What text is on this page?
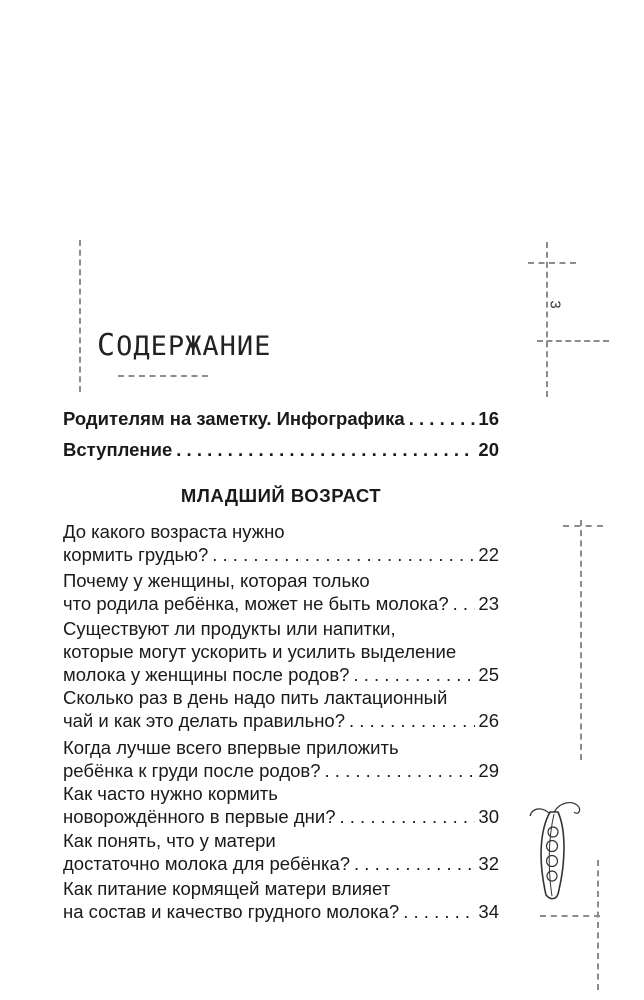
3
СОДЕРЖАНИЕ
Родителям на заметку. Инфографика . . .	16
Вступление . . .	20
МЛАДШИЙ ВОЗРАСТ
До какого возраста нужно
кормить грудью? . . .	22
Почему у женщины, которая только
что родила ребёнка, может не быть молока? . . . 23
Существуют ли продукты или напитки,
которые могут ускорить и усилить выделение
молока у женщины после родов? . . .	25
Сколько раз в день надо пить лактационный
чай и как это делать правильно? . . .	26
Когда лучше всего впервые приложить
ребёнка к груди после родов? . . .	29
Как часто нужно кормить
новорождённого в первые дни? . . .	30
Как понять, что у матери
достаточно молока для ребёнка? . . .	32
Как питание кормящей матери влияет
на состав и качество грудного молока? . . .	34
